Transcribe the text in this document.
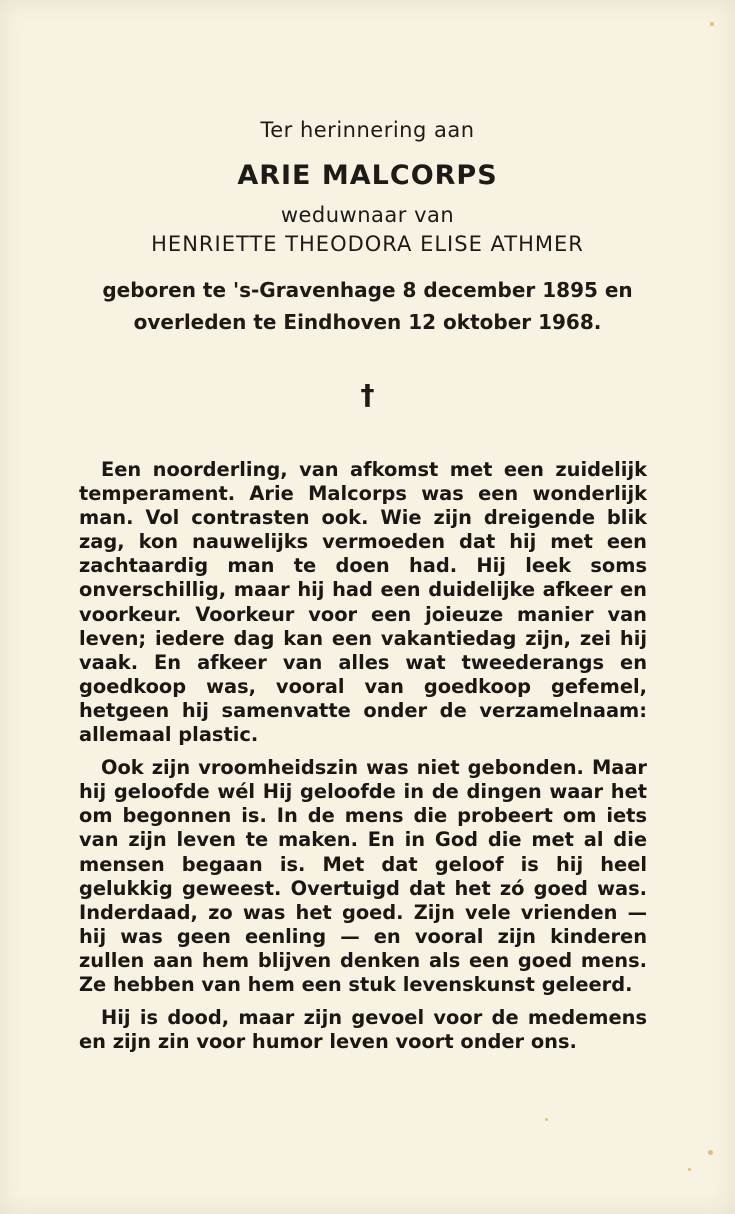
Ter herinnering aan
ARIE MALCORPS
weduwnaar van
HENRIETTE THEODORA ELISE ATHMER
geboren te 's-Gravenhage 8 december 1895 en
overleden te Eindhoven 12 oktober 1968.
†

Een noorderling, van afkomst met een zuidelijk temperament. Arie Malcorps was een wonderlijk man. Vol contrasten ook. Wie zijn dreigende blik zag, kon nauwelijks vermoeden dat hij met een zachtaardig man te doen had. Hij leek soms onverschillig, maar hij had een duidelijke afkeer en voorkeur. Voorkeur voor een joieuze manier van leven; iedere dag kan een vakantiedag zijn, zei hij vaak. En afkeer van alles wat tweederangs en goedkoop was, vooral van goedkoop gefemel, hetgeen hij samenvatte onder de verzamelnaam: allemaal plastic.

Ook zijn vroomheidszin was niet gebonden. Maar hij geloofde wél Hij geloofde in de dingen waar het om begonnen is. In de mens die probeert om iets van zijn leven te maken. En in God die met al die mensen begaan is. Met dat geloof is hij heel gelukkig geweest. Overtuigd dat het zó goed was. Inderdaad, zo was het goed. Zijn vele vrienden — hij was geen eenling — en vooral zijn kinderen zullen aan hem blijven denken als een goed mens. Ze hebben van hem een stuk levenskunst geleerd.

Hij is dood, maar zijn gevoel voor de medemens en zijn zin voor humor leven voort onder ons.
